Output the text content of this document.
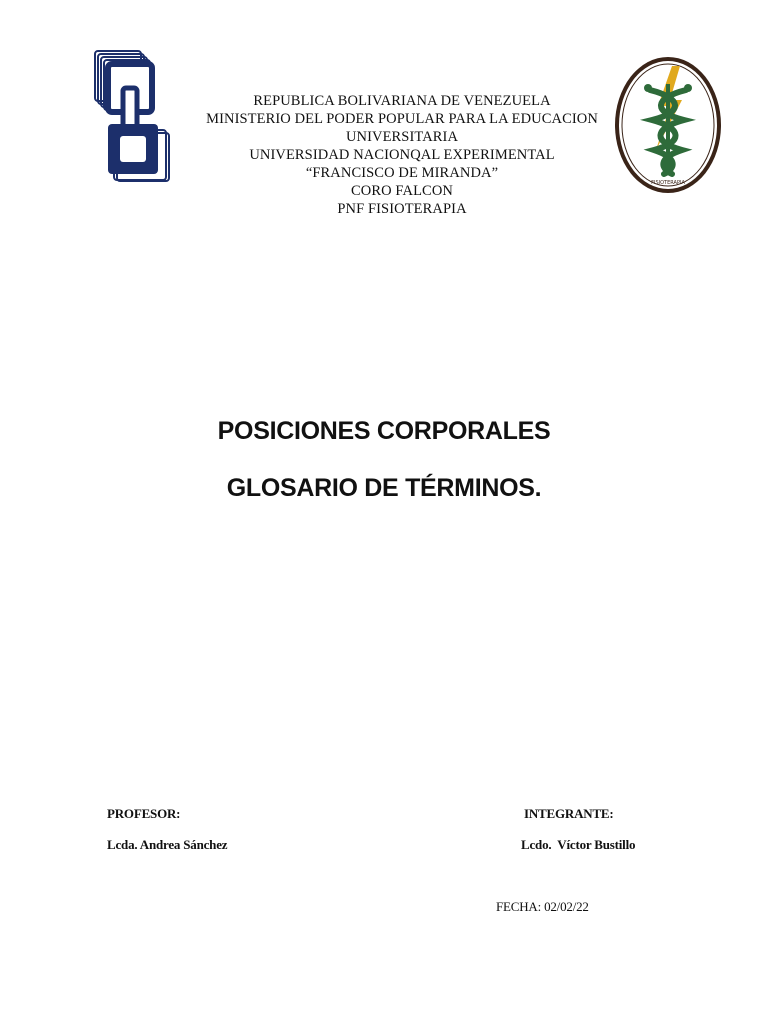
FISIOTERAPIA
REPUBLICA BOLIVARIANA DE VENEZUELA
MINISTERIO DEL PODER POPULAR PARA LA EDUCACION
UNIVERSITARIA
UNIVERSIDAD NACIONQAL EXPERIMENTAL
“FRANCISCO DE MIRANDA”
CORO FALCON
PNF FISIOTERAPIA
POSICIONES CORPORALES
GLOSARIO DE TÉRMINOS.
PROFESOR:
Lcda. Andrea Sánchez
INTEGRANTE:
Lcdo.  Víctor Bustillo
FECHA: 02/02/22
